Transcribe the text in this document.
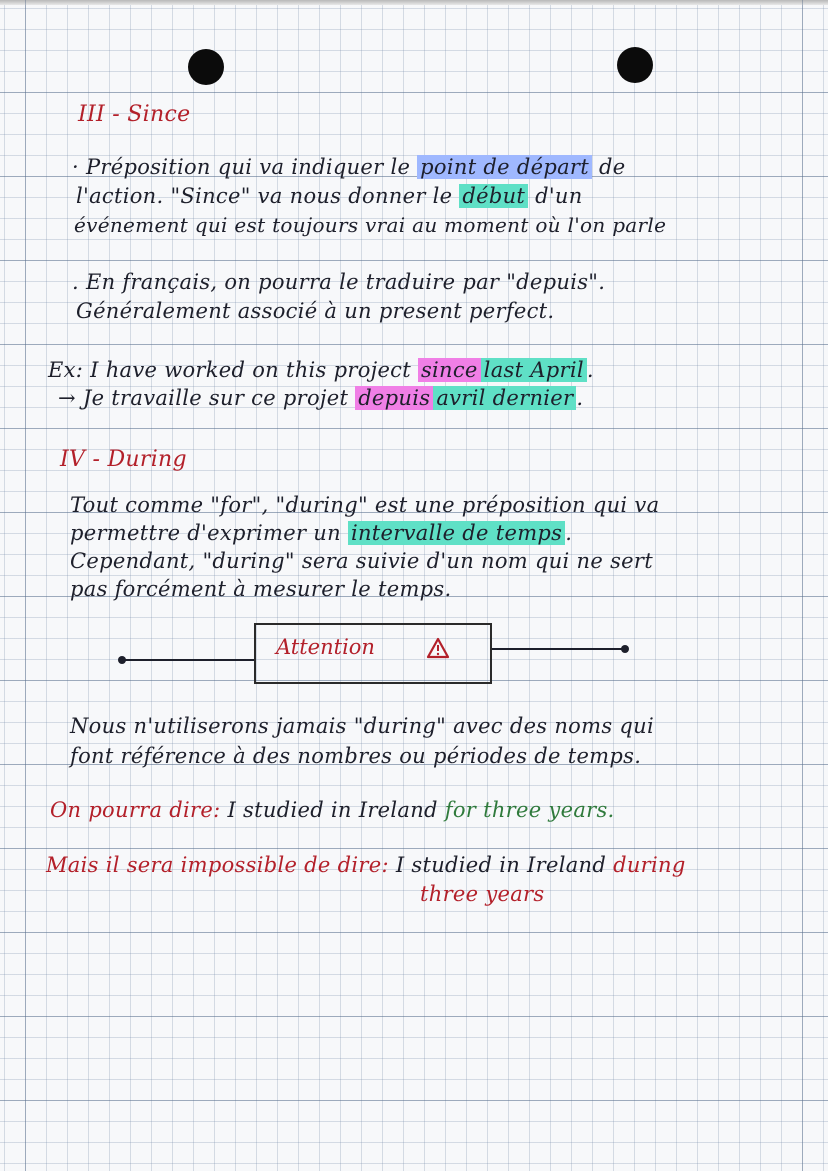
III - Since
· Préposition qui va indiquer le point de départ de
l'action. "Since" va nous donner le début d'un
événement qui est toujours vrai au moment où l'on parle
. En français, on pourra le traduire par "depuis".
Généralement associé à un present perfect.
Ex: I have worked on this project since last April .
→ Je travaille sur ce projet depuis avril dernier .
IV - During
Tout comme "for", "during" est une préposition qui va
permettre d'exprimer un intervalle de temps .
Cependant, "during" sera suivie d'un nom qui ne sert
pas forcément à mesurer le temps.
Attention
Nous n'utiliserons jamais "during" avec des noms qui
font référence à des nombres ou périodes de temps.
On pourra dire: I studied in Ireland for three years.
Mais il sera impossible de dire: I studied in Ireland during
three years
